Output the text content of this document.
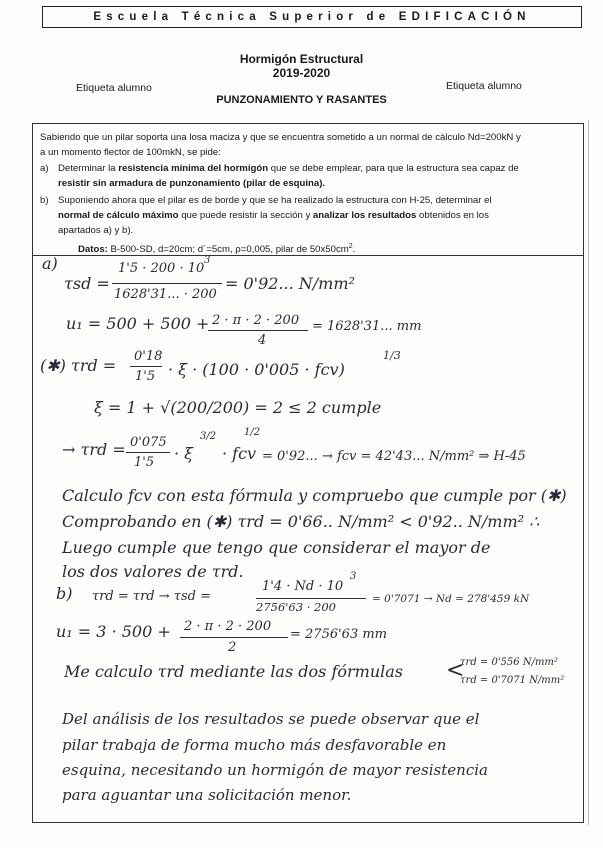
Escuela Técnica Superior de EDIFICACIÓN
Hormigón Estructural
2019-2020
Etiqueta alumno	Etiqueta alumno
PUNZONAMIENTO Y RASANTES
Sabiendo que un pilar soporta una losa maciza y que se encuentra sometido a un normal de cálculo Nd=200kN y
a un momento flector de 100mkN, se pide:
a) Determinar la resistencia mínima del hormigón que se debe emplear, para que la estructura sea capaz de
resistir sin armadura de punzonamiento (pilar de esquina).
b) Suponiendo ahora que el pilar es de borde y que se ha realizado la estructura con H-25, determinar el
normal de cálculo máximo que puede resistir la sección y analizar los resultados obtenidos en los
apartados a) y b).
Datos: B-500-SD, d=20cm; d´=5cm, ρ=0,005, pilar de $50x50cm^2$.
a)
τsd =
1'5 · 200 · 10
3
1628'31... · 200
= 0'92... N/mm²
u₁ = 500 + 500 + 2 · π · 2 · 200
4
= 1628'31... mm
(✱) τrd = 0'18
1'5 · ξ · (100 · 0'005 · fcv)
1/3
ξ = 1 + √(200/200) = 2 ≤ 2 cumple
→ τrd = 0'075
1'5 · ξ
3/2
· fcv
1/2
= 0'92... → fcv = 42'43... N/mm² ⇒ H-45
Calculo fcv con esta fórmula y compruebo que cumple por (✱)
Comprobando en (✱) τrd = 0'66.. N/mm² < 0'92.. N/mm² ∴
Luego cumple que tengo que considerar el mayor de
los dos valores de τrd.
b) τrd = τrd → τsd =
1'4 · Nd · 10
3
2756'63 · 200
= 0'7071 → Nd = 278'459 kN
u₁ = 3 · 500 + 2 · π · 2 · 200
2
= 2756'63 mm
Me calculo τrd mediante las dos fórmulas <
τrd = 0'556 N/mm²
τrd = 0'7071 N/mm²
Del análisis de los resultados se puede observar que el
pilar trabaja de forma mucho más desfavorable en
esquina, necesitando un hormigón de mayor resistencia
para aguantar una solicitación menor.
